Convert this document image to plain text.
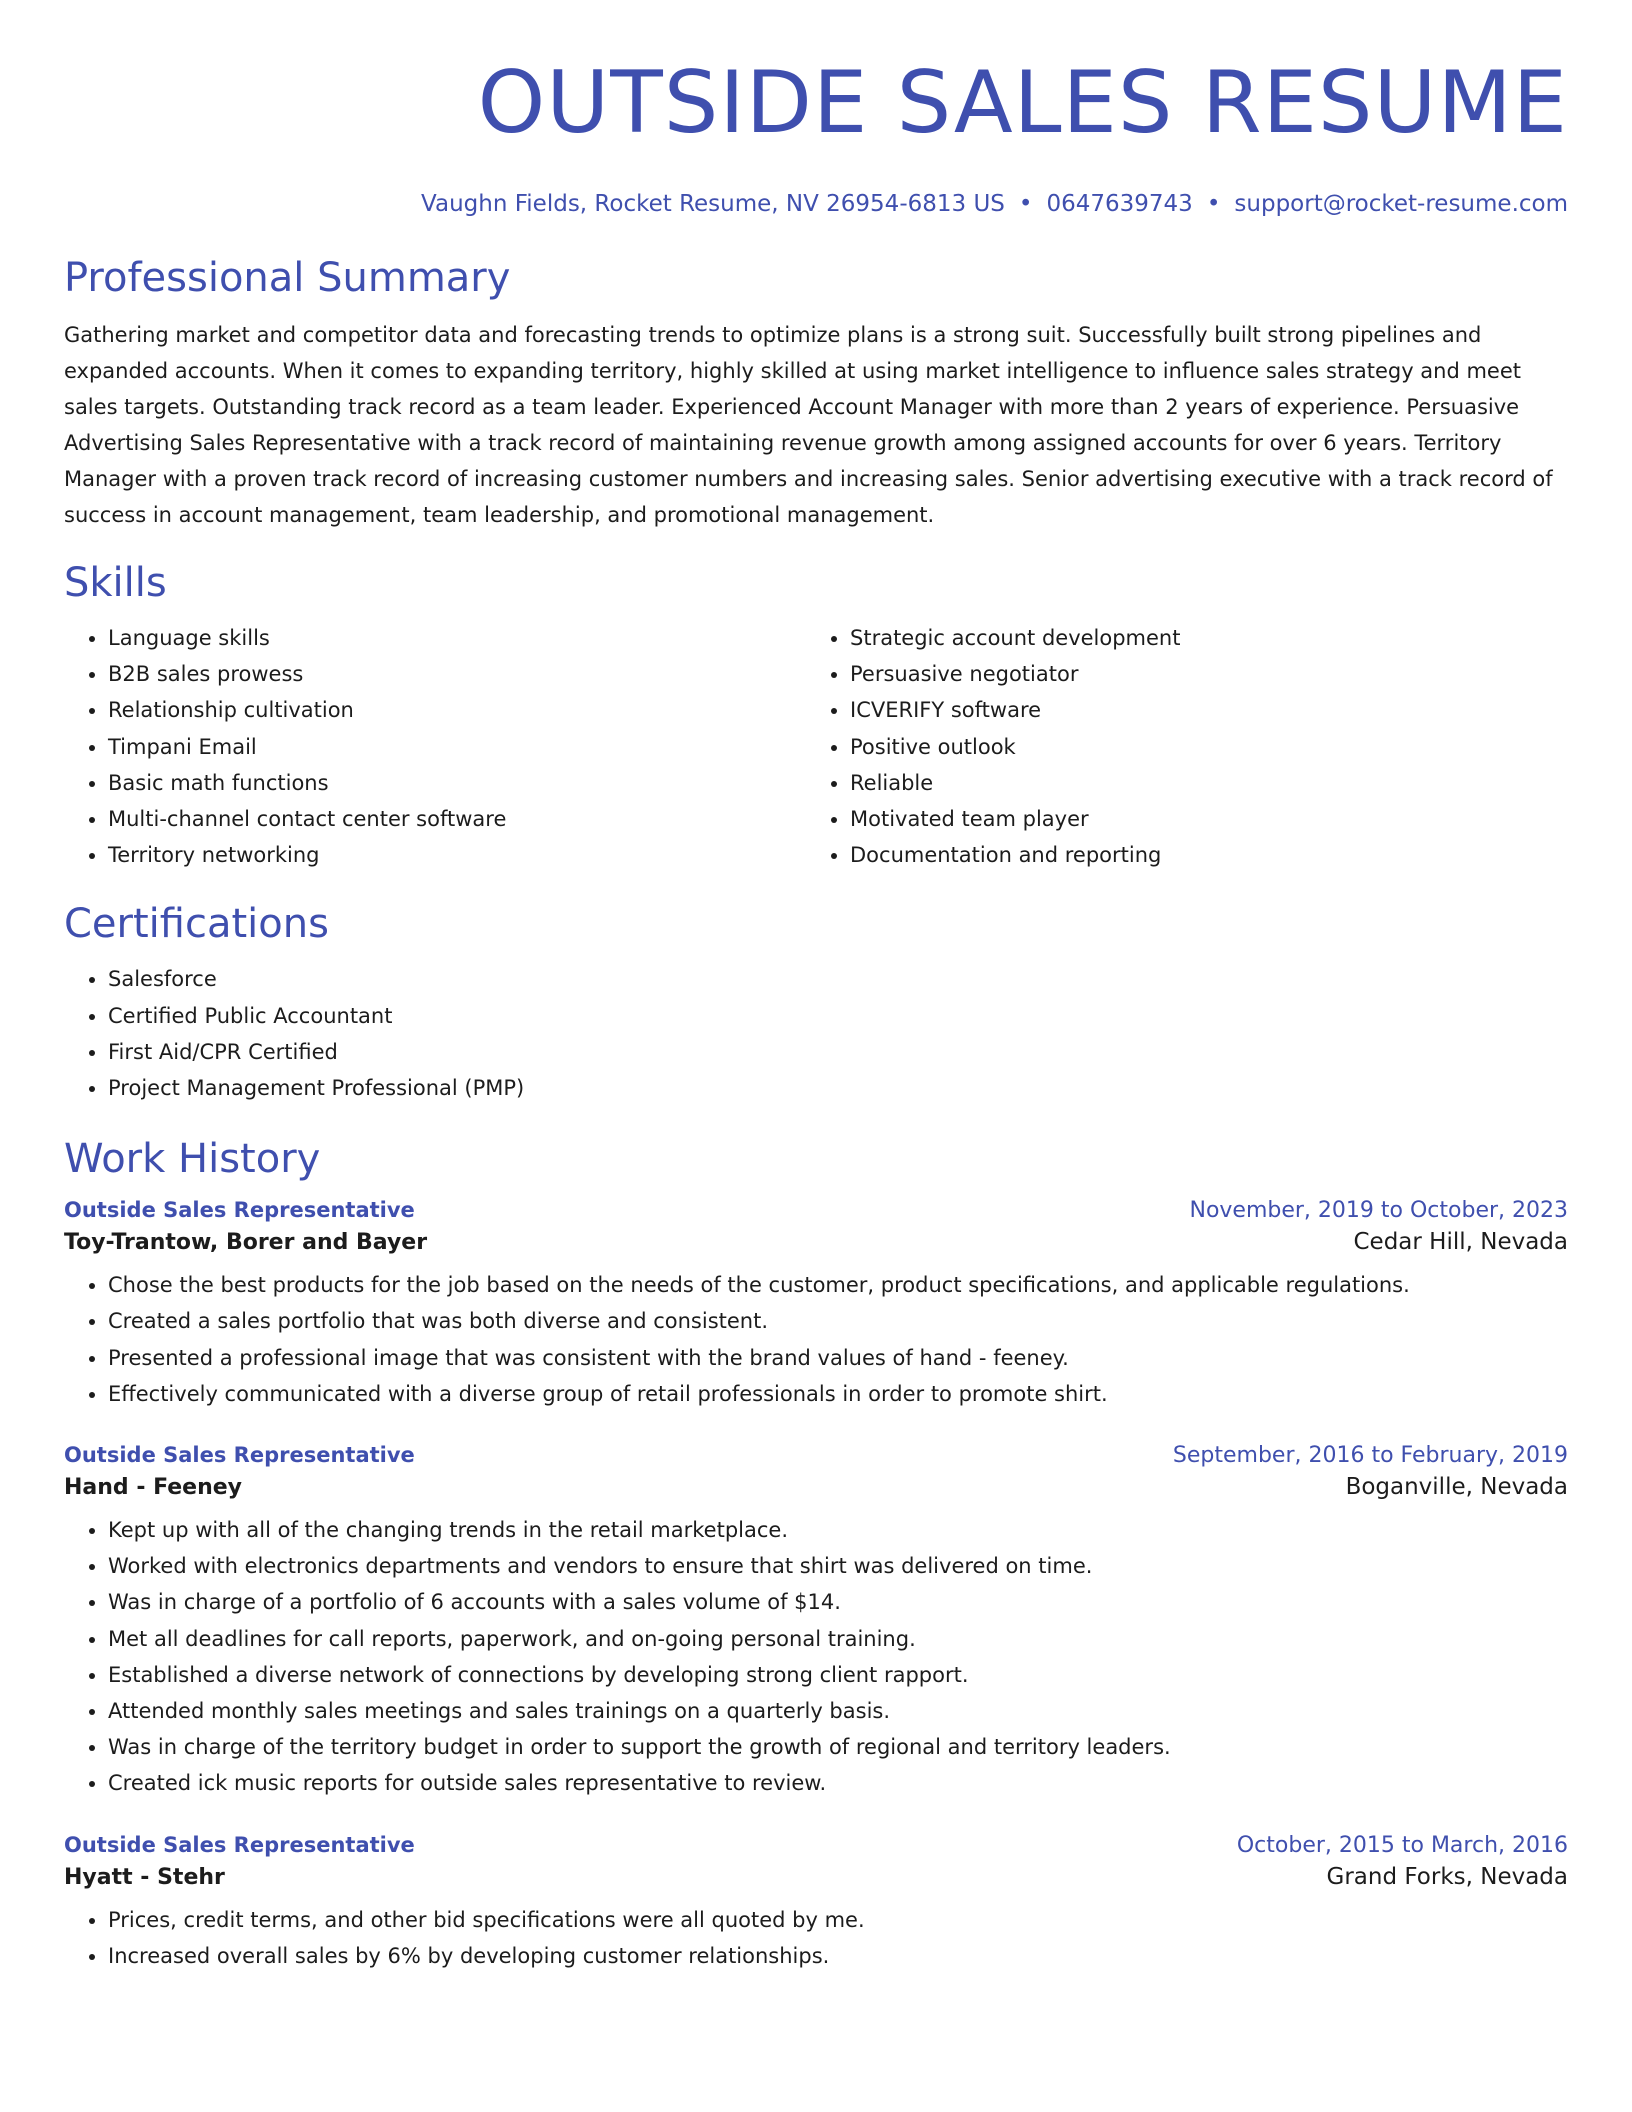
OUTSIDE SALES RESUME
Vaughn Fields, Rocket Resume, NV 26954-6813 US • 0647639743 • support@rocket-resume.com
Professional Summary

Gathering market and competitor data and forecasting trends to optimize plans is a strong suit. Successfully built strong pipelines and expanded accounts. When it comes to expanding territory, highly skilled at using market intelligence to influence sales strategy and meet sales targets. Outstanding track record as a team leader. Experienced Account Manager with more than 2 years of experience. Persuasive Advertising Sales Representative with a track record of maintaining revenue growth among assigned accounts for over 6 years. Territory Manager with a proven track record of increasing customer numbers and increasing sales. Senior advertising executive with a track record of success in account management, team leadership, and promotional management.

Skills
• Language skills
• B2B sales prowess
• Relationship cultivation
• Timpani Email
• Basic math functions
• Multi-channel contact center software
• Territory networking
• Strategic account development
• Persuasive negotiator
• ICVERIFY software
• Positive outlook
• Reliable
• Motivated team player
• Documentation and reporting
Certifications
• Salesforce
• Certified Public Accountant
• First Aid/CPR Certified
• Project Management Professional (PMP)
Work History
Outside Sales Representative	November, 2019 to October, 2023
Toy-Trantow, Borer and Bayer	Cedar Hill, Nevada
• Chose the best products for the job based on the needs of the customer, product specifications, and applicable regulations.
• Created a sales portfolio that was both diverse and consistent.
• Presented a professional image that was consistent with the brand values of hand - feeney.
• Effectively communicated with a diverse group of retail professionals in order to promote shirt.
Outside Sales Representative	September, 2016 to February, 2019
Hand - Feeney	Boganville, Nevada
• Kept up with all of the changing trends in the retail marketplace.
• Worked with electronics departments and vendors to ensure that shirt was delivered on time.
• Was in charge of a portfolio of 6 accounts with a sales volume of $14.
• Met all deadlines for call reports, paperwork, and on-going personal training.
• Established a diverse network of connections by developing strong client rapport.
• Attended monthly sales meetings and sales trainings on a quarterly basis.
• Was in charge of the territory budget in order to support the growth of regional and territory leaders.
• Created ick music reports for outside sales representative to review.
Outside Sales Representative	October, 2015 to March, 2016
Hyatt - Stehr	Grand Forks, Nevada
• Prices, credit terms, and other bid specifications were all quoted by me.
• Increased overall sales by 6% by developing customer relationships.
